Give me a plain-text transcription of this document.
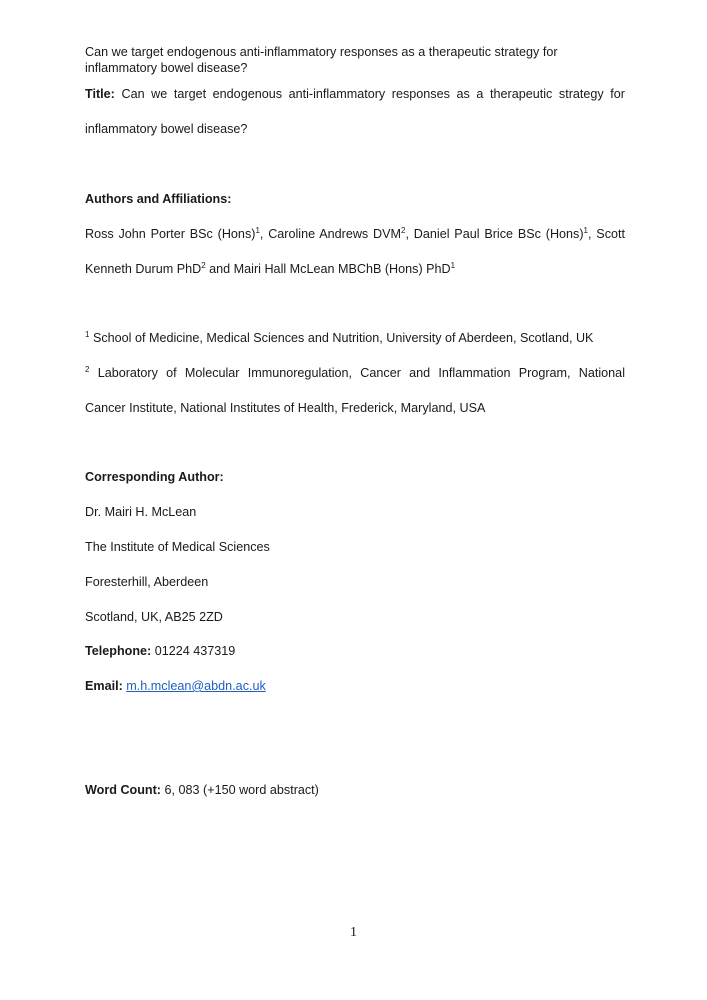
Can we target endogenous anti-inflammatory responses as a therapeutic strategy for inflammatory bowel disease?

Title: Can we target endogenous anti-inflammatory responses as a therapeutic strategy for

inflammatory bowel disease?

Authors and Affiliations:

Ross John Porter BSc (Hons)$^1$, Caroline Andrews DVM$^2$, Daniel Paul Brice BSc (Hons)$^1$, Scott

Kenneth Durum PhD$^2$ and Mairi Hall McLean MBChB (Hons) PhD$^1$

$^1$ School of Medicine, Medical Sciences and Nutrition, University of Aberdeen, Scotland, UK

$^2$ Laboratory of Molecular Immunoregulation, Cancer and Inflammation Program, National

Cancer Institute, National Institutes of Health, Frederick, Maryland, USA

Corresponding Author:

Dr. Mairi H. McLean

The Institute of Medical Sciences

Foresterhill, Aberdeen

Scotland, UK, AB25 2ZD

Telephone: 01224 437319

Email: m.h.mclean@abdn.ac.uk

Word Count: 6, 083 (+150 word abstract)

1
